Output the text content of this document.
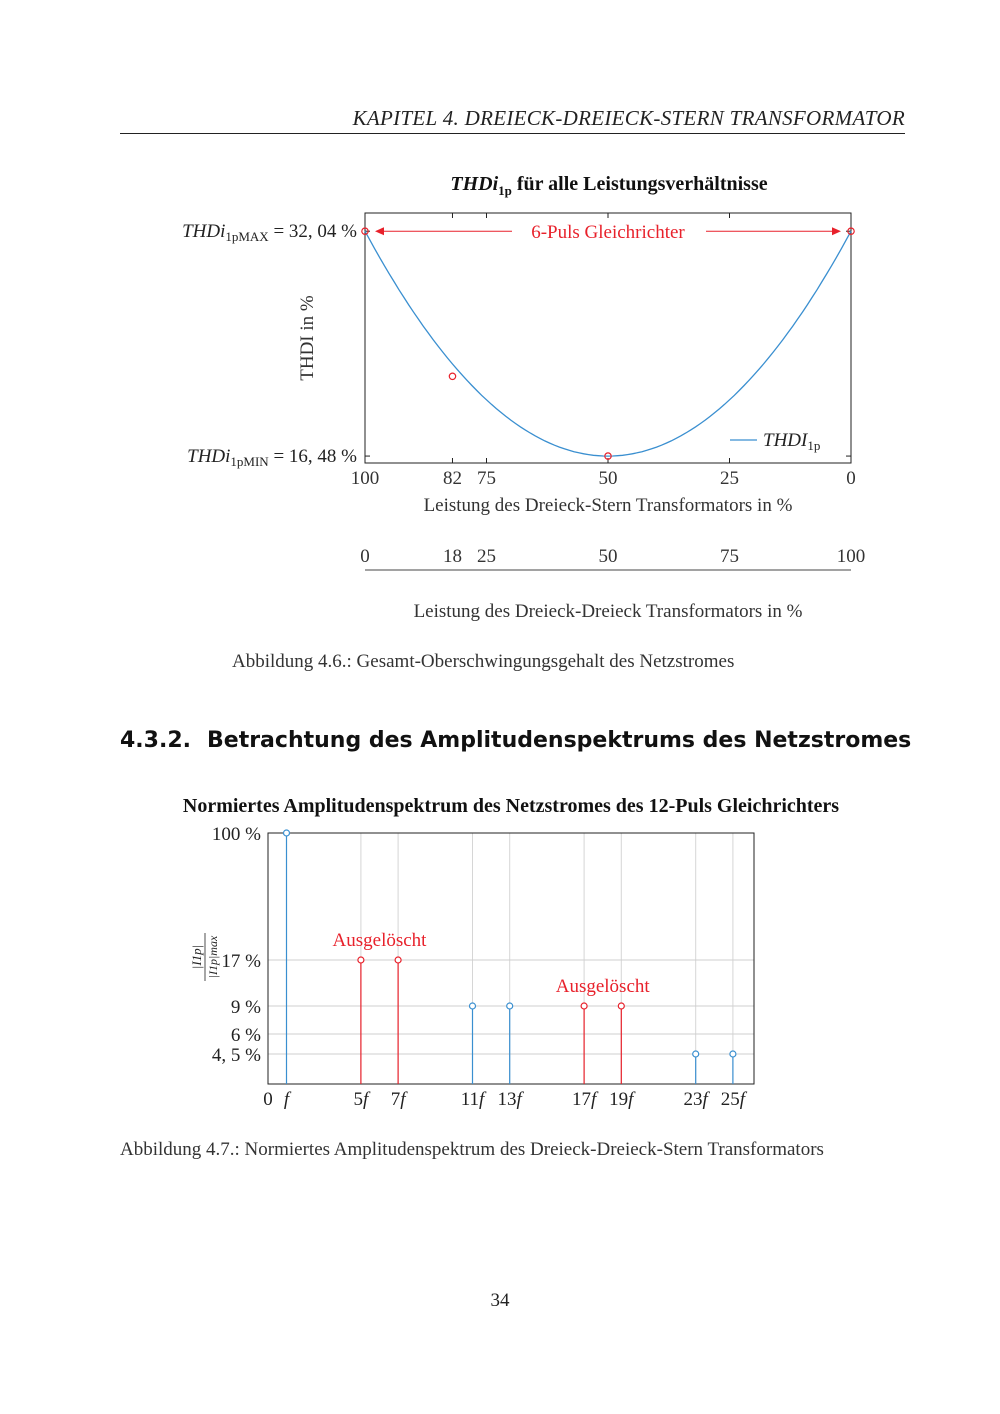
KAPITEL 4. DREIECK-DREIECK-STERN TRANSFORMATOR
THDi$_{1p}$ für alle Leistungsverhältnisse
100	82 75	50	25	0
THDi$_{1pMAX}$ = 32, 04 %
THDi$_{1pMIN}$ = 16, 48 %
THDI in %
Leistung des Dreieck-Stern Transformators in %
0	18 25	50	75	100
Leistung des Dreieck-Dreieck Transformators in %
6-Puls Gleichrichter
$THDI_{1p}$
Abbildung 4.6.: Gesamt-Oberschwingungsgehalt des Netzstromes
4.3.2. Betrachtung des Amplitudenspektrums des Netzstromes
Normiertes Amplitudenspektrum des Netzstromes des 12-Puls Gleichrichters
100 %
17 %
9 %
6 %
4, 5 %
|I1p| |I1p|max
0 f	5f 7f	11f 13f	17f 19f	23f 25f
Ausgelöscht
Ausgelöscht
Abbildung 4.7.: Normiertes Amplitudenspektrum des Dreieck-Dreieck-Stern Transformators
34
